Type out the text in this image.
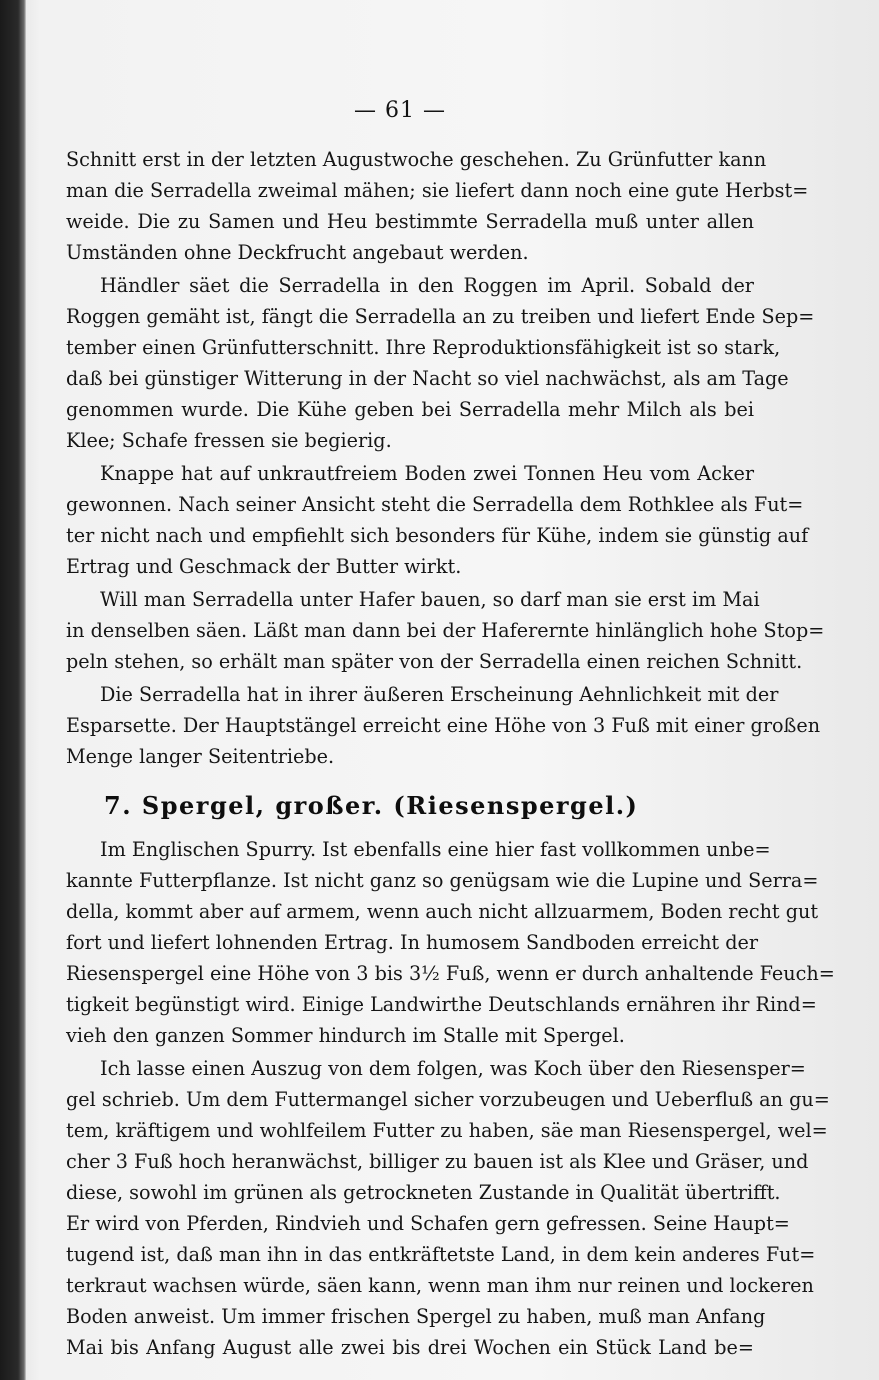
— 61 —
Schnitt erst in der letzten Augustwoche geschehen. Zu Grünfutter kann
man die Serradella zweimal mähen; sie liefert dann noch eine gute Herbst=
weide. Die zu Samen und Heu bestimmte Serradella muß unter allen
Umständen ohne Deckfrucht angebaut werden.
Händler säet die Serradella in den Roggen im April. Sobald der
Roggen gemäht ist, fängt die Serradella an zu treiben und liefert Ende Sep=
tember einen Grünfutterschnitt. Ihre Reproduktionsfähigkeit ist so stark,
daß bei günstiger Witterung in der Nacht so viel nachwächst, als am Tage
genommen wurde. Die Kühe geben bei Serradella mehr Milch als bei
Klee; Schafe fressen sie begierig.
Knappe hat auf unkrautfreiem Boden zwei Tonnen Heu vom Acker
gewonnen. Nach seiner Ansicht steht die Serradella dem Rothklee als Fut=
ter nicht nach und empfiehlt sich besonders für Kühe, indem sie günstig auf
Ertrag und Geschmack der Butter wirkt.
Will man Serradella unter Hafer bauen, so darf man sie erst im Mai
in denselben säen. Läßt man dann bei der Haferernte hinlänglich hohe Stop=
peln stehen, so erhält man später von der Serradella einen reichen Schnitt.
Die Serradella hat in ihrer äußeren Erscheinung Aehnlichkeit mit der
Esparsette. Der Hauptstängel erreicht eine Höhe von 3 Fuß mit einer großen
Menge langer Seitentriebe.
7. Spergel, großer. (Riesenspergel.)
Im Englischen Spurry. Ist ebenfalls eine hier fast vollkommen unbe=
kannte Futterpflanze. Ist nicht ganz so genügsam wie die Lupine und Serra=
della, kommt aber auf armem, wenn auch nicht allzuarmem, Boden recht gut
fort und liefert lohnenden Ertrag. In humosem Sandboden erreicht der
Riesenspergel eine Höhe von 3 bis 3½ Fuß, wenn er durch anhaltende Feuch=
tigkeit begünstigt wird. Einige Landwirthe Deutschlands ernähren ihr Rind=
vieh den ganzen Sommer hindurch im Stalle mit Spergel.
Ich lasse einen Auszug von dem folgen, was Koch über den Riesensper=
gel schrieb. Um dem Futtermangel sicher vorzubeugen und Ueberfluß an gu=
tem, kräftigem und wohlfeilem Futter zu haben, säe man Riesenspergel, wel=
cher 3 Fuß hoch heranwächst, billiger zu bauen ist als Klee und Gräser, und
diese, sowohl im grünen als getrockneten Zustande in Qualität übertrifft.
Er wird von Pferden, Rindvieh und Schafen gern gefressen. Seine Haupt=
tugend ist, daß man ihn in das entkräftetste Land, in dem kein anderes Fut=
terkraut wachsen würde, säen kann, wenn man ihm nur reinen und lockeren
Boden anweist. Um immer frischen Spergel zu haben, muß man Anfang
Mai bis Anfang August alle zwei bis drei Wochen ein Stück Land be=
